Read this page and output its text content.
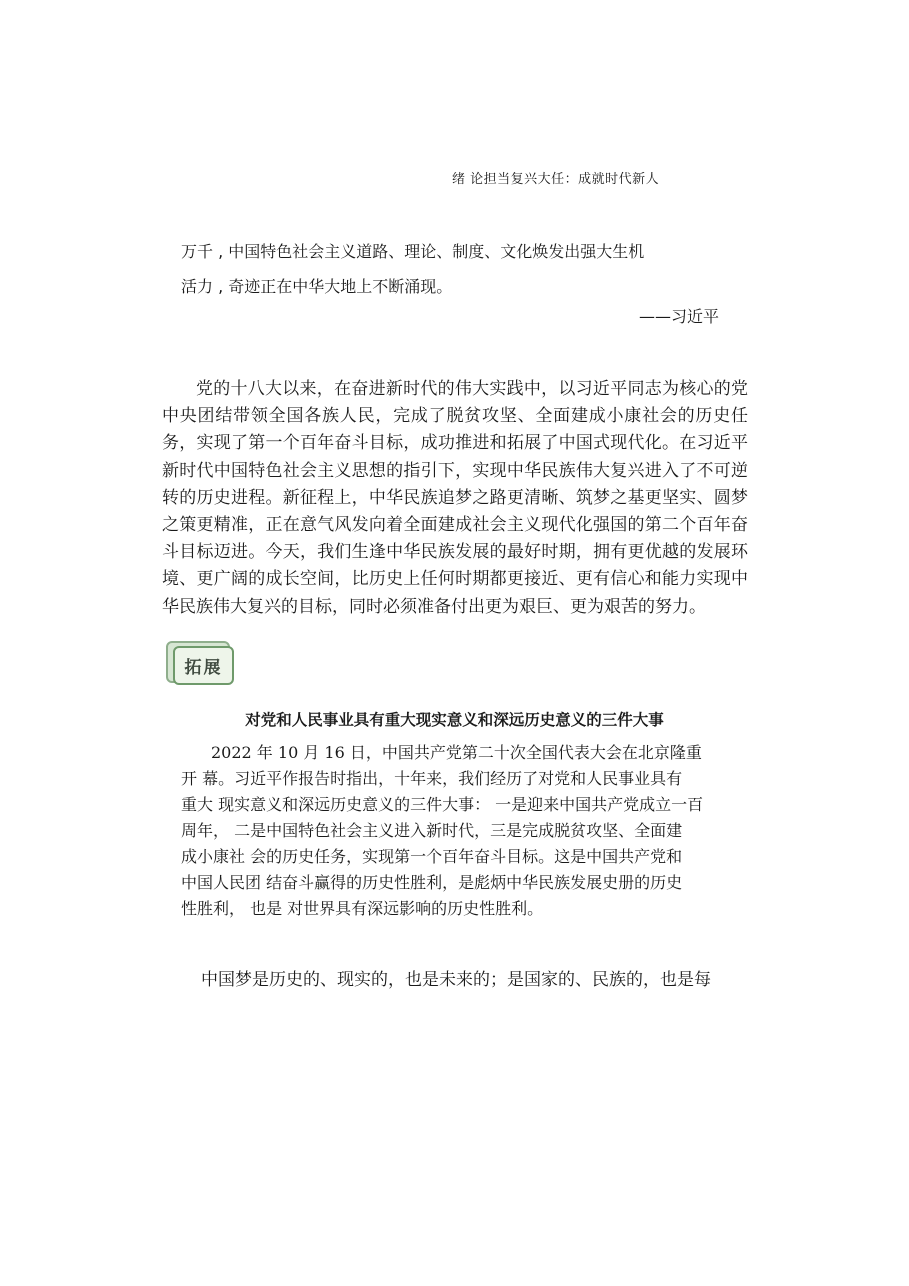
绪 论担当复兴大任：成就时代新人
万千 , 中国特色社会主义道路、理论、制度、文化焕发出强大生机
活力 , 奇迹正在中华大地上不断涌现。
——习近平

党的十八大以来，在奋进新时代的伟大实践中，以习近平同志为核心的党中央团结带领全国各族人民，完成了脱贫攻坚、全面建成小康社会的历史任务，实现了第一个百年奋斗目标，成功推进和拓展了中国式现代化。在习近平新时代中国特色社会主义思想的指引下，实现中华民族伟大复兴进入了不可逆转的历史进程。新征程上，中华民族追梦之路更清晰、筑梦之基更坚实、圆梦之策更精准，正在意气风发向着全面建成社会主义现代化强国的第二个百年奋斗目标迈进。今天，我们生逢中华民族发展的最好时期，拥有更优越的发展环境、更广阔的成长空间，比历史上任何时期都更接近、更有信心和能力实现中华民族伟大复兴的目标，同时必须准备付出更为艰巨、更为艰苦的努力。

拓展
对党和人民事业具有重大现实意义和深远历史意义的三件大事

2022 年 10 月 16 日，中国共产党第二十次全国代表大会在北京隆重
开 幕。习近平作报告时指出，十年来，我们经历了对党和人民事业具有
重大 现实意义和深远历史意义的三件大事： 一是迎来中国共产党成立一百
周年， 二是中国特色社会主义进入新时代，三是完成脱贫攻坚、全面建
成小康社 会的历史任务，实现第一个百年奋斗目标。这是中国共产党和
中国人民团 结奋斗赢得的历史性胜利，是彪炳中华民族发展史册的历史
性胜利， 也是 对世界具有深远影响的历史性胜利。

中国梦是历史的、现实的，也是未来的；是国家的、民族的，也是每
